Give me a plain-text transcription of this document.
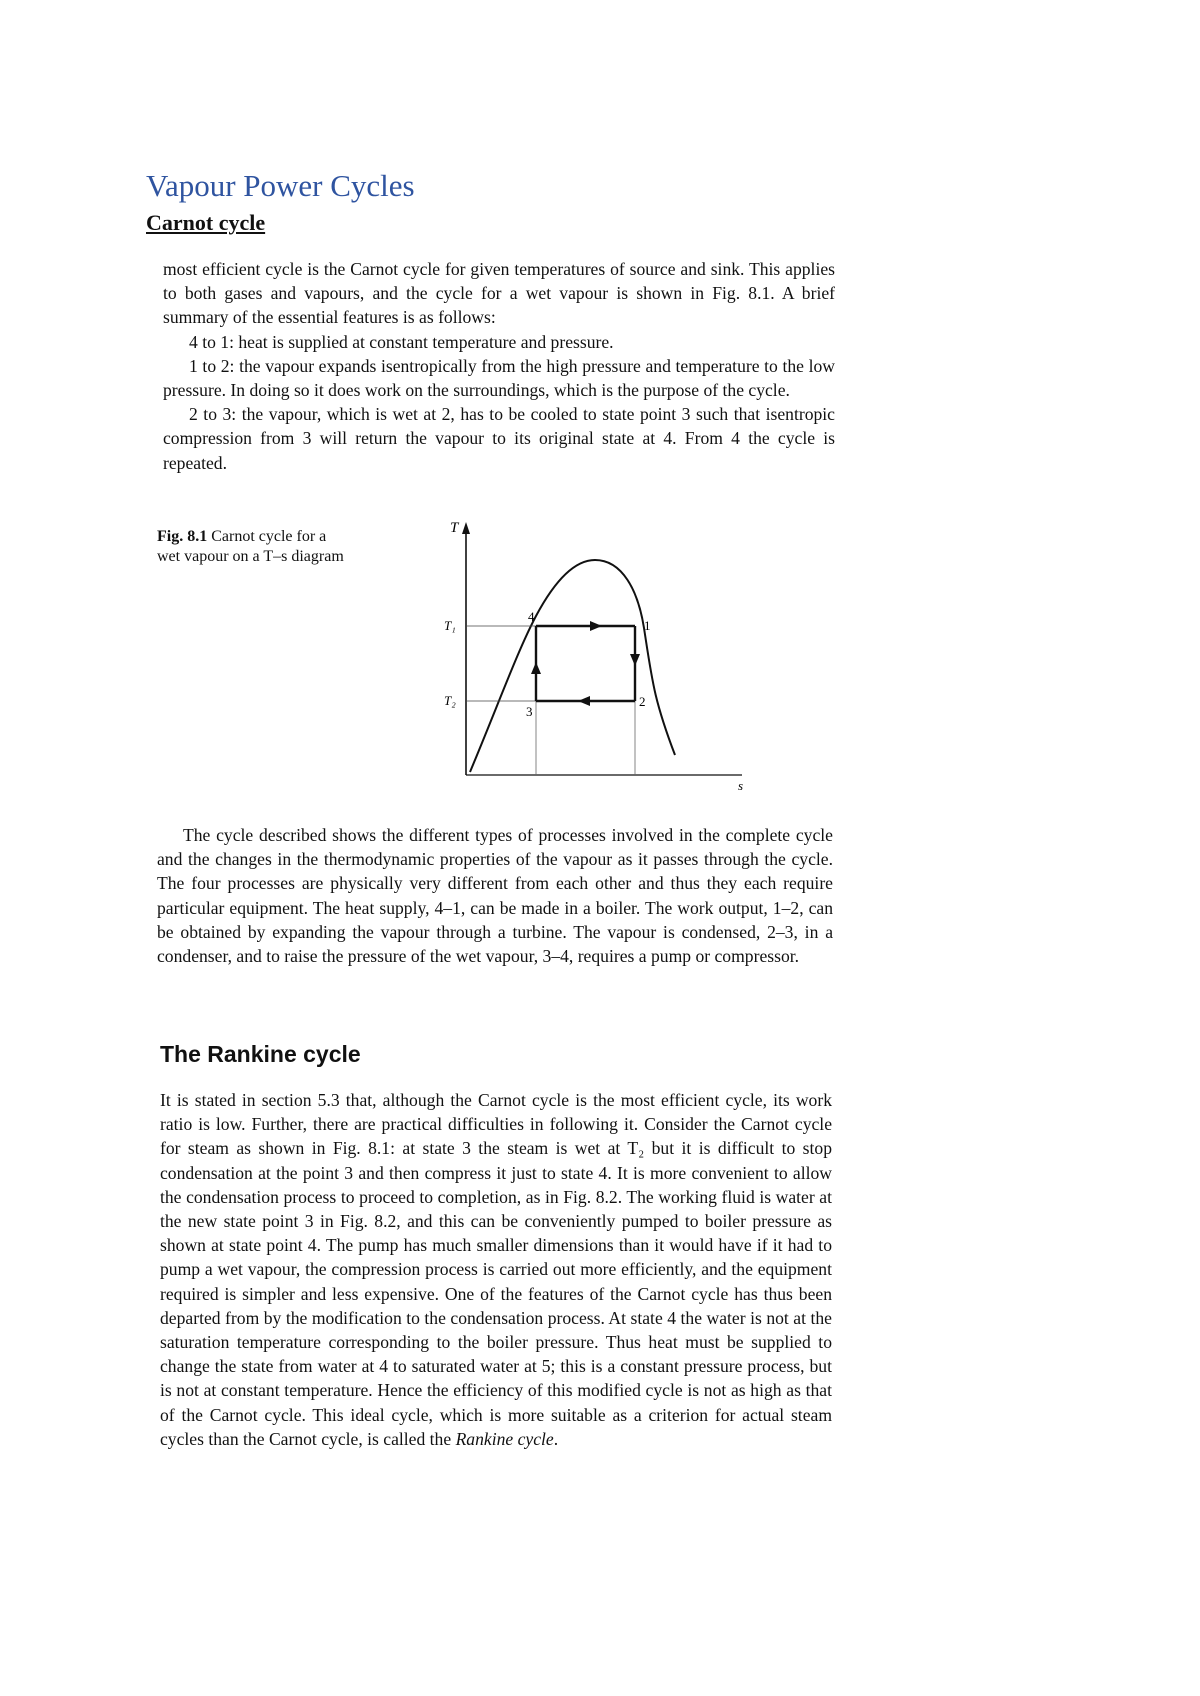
Vapour Power Cycles
Carnot cycle

most efficient cycle is the Carnot cycle for given temperatures of source and sink. This applies to both gases and vapours, and the cycle for a wet vapour is shown in Fig. 8.1. A brief summary of the essential features is as follows:

4 to 1: heat is supplied at constant temperature and pressure.

1 to 2: the vapour expands isentropically from the high pressure and temperature to the low pressure. In doing so it does work on the surroundings, which is the purpose of the cycle.

2 to 3: the vapour, which is wet at 2, has to be cooled to state point 3 such that isentropic compression from 3 will return the vapour to its original state at 4. From 4 the cycle is repeated.

Fig. 8.1 Carnot cycle for a wet vapour on a T–s diagram
T
s
T₁
T₂
1
2
3
4

The cycle described shows the different types of processes involved in the complete cycle and the changes in the thermodynamic properties of the vapour as it passes through the cycle. The four processes are physically very different from each other and thus they each require particular equipment. The heat supply, 4–1, can be made in a boiler. The work output, 1–2, can be obtained by expanding the vapour through a turbine. The vapour is condensed, 2–3, in a condenser, and to raise the pressure of the wet vapour, 3–4, requires a pump or compressor.

The Rankine cycle

It is stated in section 5.3 that, although the Carnot cycle is the most efficient cycle, its work ratio is low. Further, there are practical difficulties in following it. Consider the Carnot cycle for steam as shown in Fig. 8.1: at state 3 the steam is wet at T₂ but it is difficult to stop condensation at the point 3 and then compress it just to state 4. It is more convenient to allow the condensation process to proceed to completion, as in Fig. 8.2. The working fluid is water at the new state point 3 in Fig. 8.2, and this can be conveniently pumped to boiler pressure as shown at state point 4. The pump has much smaller dimensions than it would have if it had to pump a wet vapour, the compression process is carried out more efficiently, and the equipment required is simpler and less expensive. One of the features of the Carnot cycle has thus been departed from by the modification to the condensation process. At state 4 the water is not at the saturation temperature corresponding to the boiler pressure. Thus heat must be supplied to change the state from water at 4 to saturated water at 5; this is a constant pressure process, but is not at constant temperature. Hence the efficiency of this modified cycle is not as high as that of the Carnot cycle. This ideal cycle, which is more suitable as a criterion for actual steam cycles than the Carnot cycle, is called the Rankine cycle.
